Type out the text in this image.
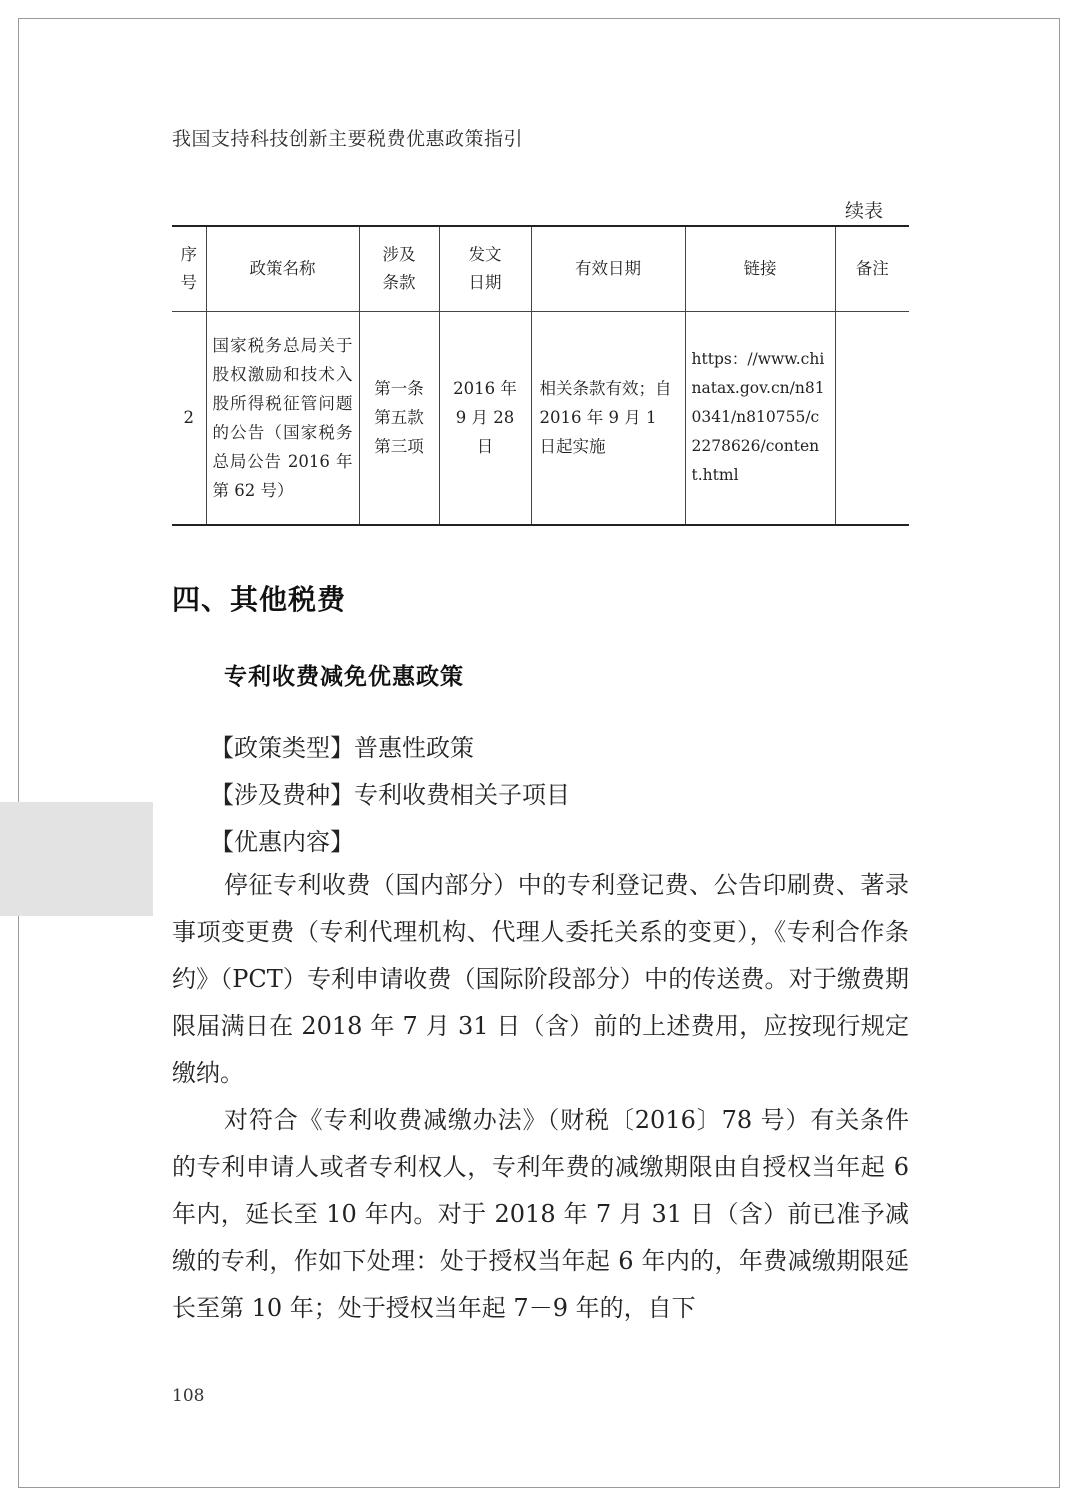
我国支持科技创新主要税费优惠政策指引
续表
序号	政策名称	涉及条款	发文日期	有效日期	链接	备注
2	国家税务总局关于股权激励和技术入股所得税征管问题的公告（国家税务总局公告 2016 年第 62 号）	第一条第五款第三项	2016 年9 月 28 日	相关条款有效；自 2016 年 9 月 1 日起实施	https：//www.chinatax.gov.cn/n810341/n810755/c2278626/content.html	
四、其他税费
专利收费减免优惠政策
【政策类型】普惠性政策
【涉及费种】专利收费相关子项目
【优惠内容】
停征专利收费（国内部分）中的专利登记费、公告印刷费、著录事项变更费（专利代理机构、代理人委托关系的变更），《专利合作条约》（PCT）专利申请收费（国际阶段部分）中的传送费。对于缴费期限届满日在 2018 年 7 月 31 日（含）前的上述费用，应按现行规定缴纳。
对符合《专利收费减缴办法》（财税〔2016〕78 号）有关条件的专利申请人或者专利权人，专利年费的减缴期限由自授权当年起 6 年内，延长至 10 年内。对于 2018 年 7 月 31 日（含）前已准予减缴的专利，作如下处理：处于授权当年起 6 年内的，年费减缴期限延长至第 10 年；处于授权当年起 7－9 年的，自下
108
